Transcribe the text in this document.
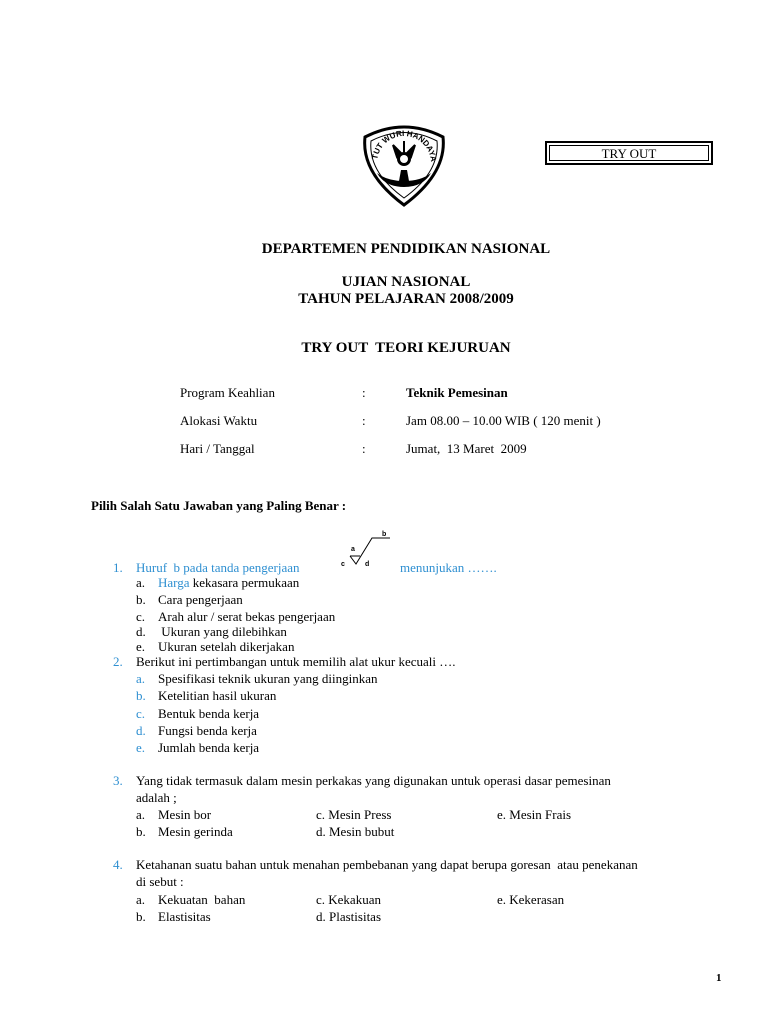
TUT WURI HANDAYA	TRY OUT
DEPARTEMEN PENDIDIKAN NASIONAL
UJIAN NASIONAL
TAHUN PELAJARAN 2008/2009
TRY OUT  TEORI KEJURUAN
Program Keahlian	:	Teknik Pemesinan
Alokasi Waktu	:	Jam 08.00 – 10.00 WIB ( 120 menit )
Hari / Tanggal	:	Jumat,  13 Maret  2009
Pilih Salah Satu Jawaban yang Paling Benar :
a
b
c	d
1. Huruf  b pada tanda pengerjaan	menunjukan …….
a. Harga kekasara permukaan
b. Cara pengerjaan
c. Arah alur / serat bekas pengerjaan
d. Ukuran yang dilebihkan
e. Ukuran setelah dikerjakan
2. Berikut ini pertimbangan untuk memilih alat ukur kecuali ….
a. Spesifikasi teknik ukuran yang diinginkan
b. Ketelitian hasil ukuran
c. Bentuk benda kerja
d. Fungsi benda kerja
e. Jumlah benda kerja
3. Yang tidak termasuk dalam mesin perkakas yang digunakan untuk operasi dasar pemesinan
adalah ;
a. Mesin bor
b. Mesin gerinda
c. Mesin Press
d. Mesin bubut
e. Mesin Frais
4. Ketahanan suatu bahan untuk menahan pembebanan yang dapat berupa goresan  atau penekanan
di sebut :
a. Kekuatan  bahan
b. Elastisitas
c. Kekakuan
d. Plastisitas
e. Kekerasan
1
